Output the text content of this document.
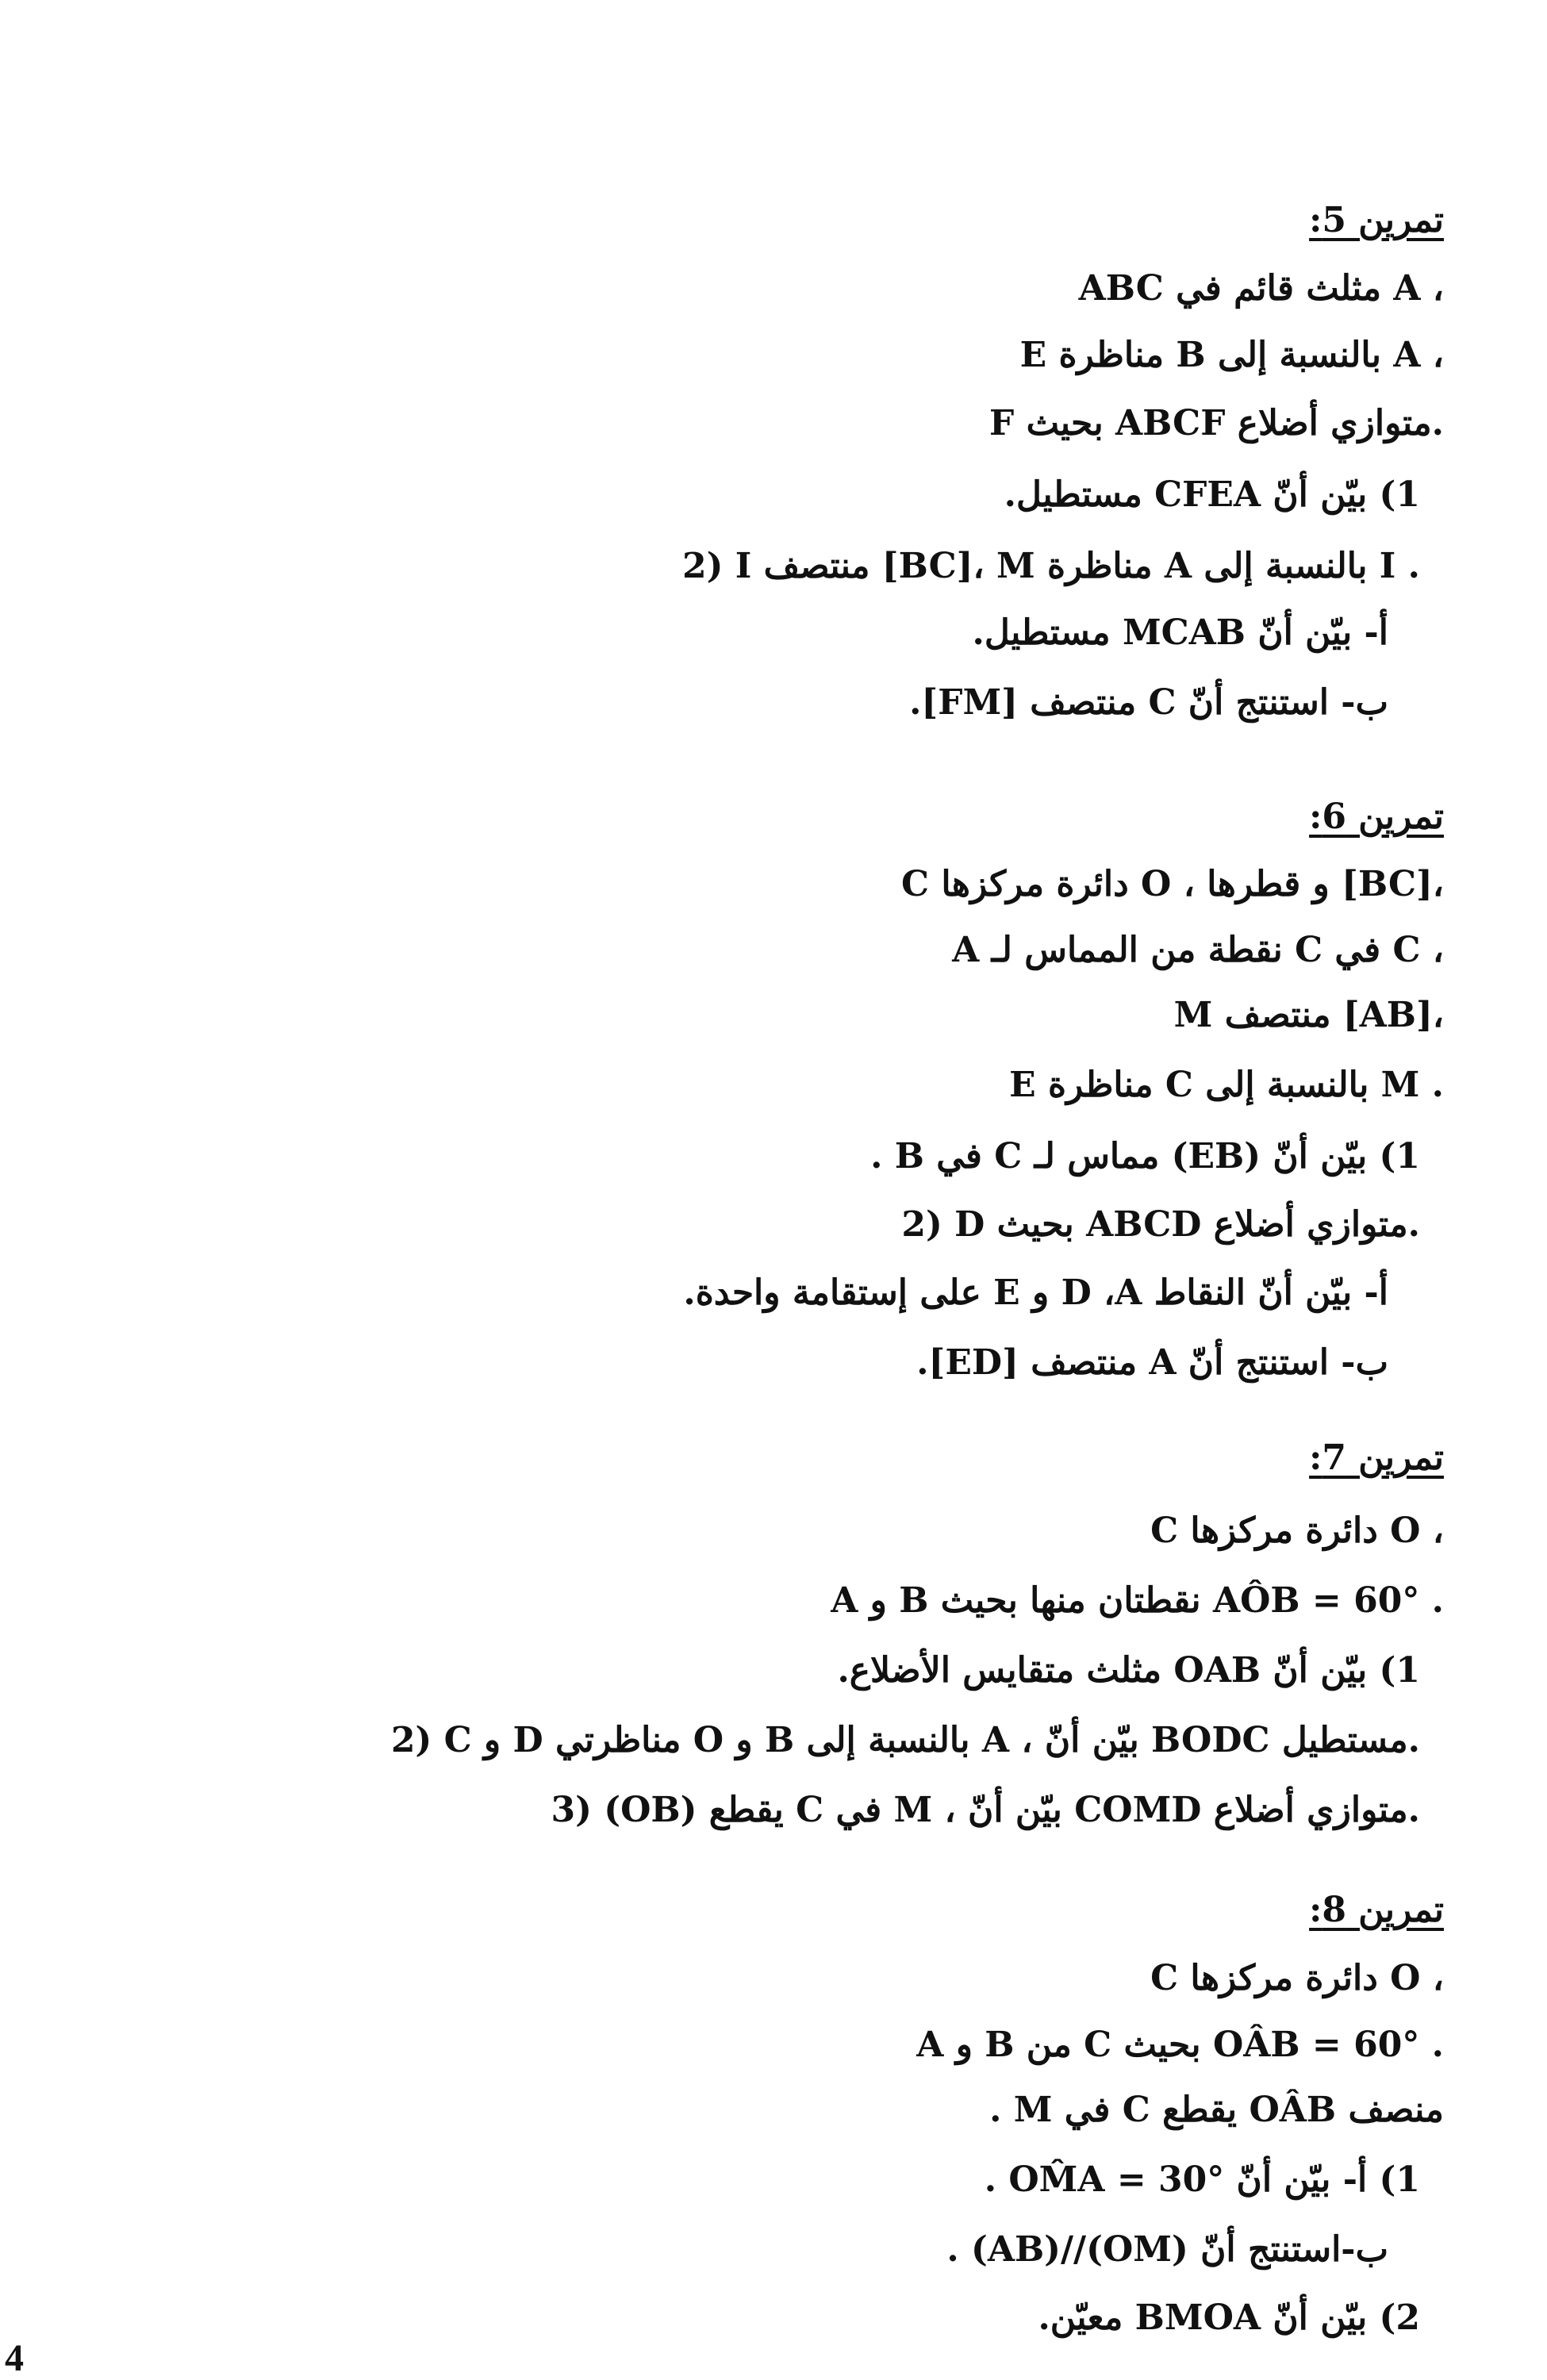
تمرين 5:
ABC مثلث قائم في A ،
E مناظرة B بالنسبة إلى A ،
F بحيث ABCF متوازي أضلاع.
1) بيّن أنّ CFEA مستطيل.
2) I منتصف [BC]، M مناظرة A بالنسبة إلى I .
أ- بيّن أنّ MCAB مستطيل.
ب- استنتج أنّ C منتصف [FM].
تمرين 6:
C دائرة مركزها O ، و قطرها [BC]،
A نقطة من المماس لـ C في C ،
M منتصف [AB]،
E مناظرة C بالنسبة إلى M .
1) بيّن أنّ (EB) مماس لـ C في B .
2) D بحيث ABCD متوازي أضلاع.
أ- بيّن أنّ النقاط D ،A و E على إستقامة واحدة.
ب- استنتج أنّ A منتصف [ED].
تمرين 7:
C دائرة مركزها O ،
A و B نقطتان منها بحيث AÔB = 60° .
1) بيّن أنّ OAB مثلث متقايس الأضلاع.
2) C و D مناظرتي O و B بالنسبة إلى A ، بيّن أنّ BODC مستطيل.
3) (OB) يقطع C في M ، بيّن أنّ COMD متوازي أضلاع.
تمرين 8:
C دائرة مركزها O ،
A و B من C بحيث OÂB = 60° .
منصف OÂB يقطع C في M .
1) أ- بيّن أنّ OM̂A = 30° .
ب-استنتج أنّ (OM)//(AB) .
2) بيّن أنّ BMOA معيّن.
4
